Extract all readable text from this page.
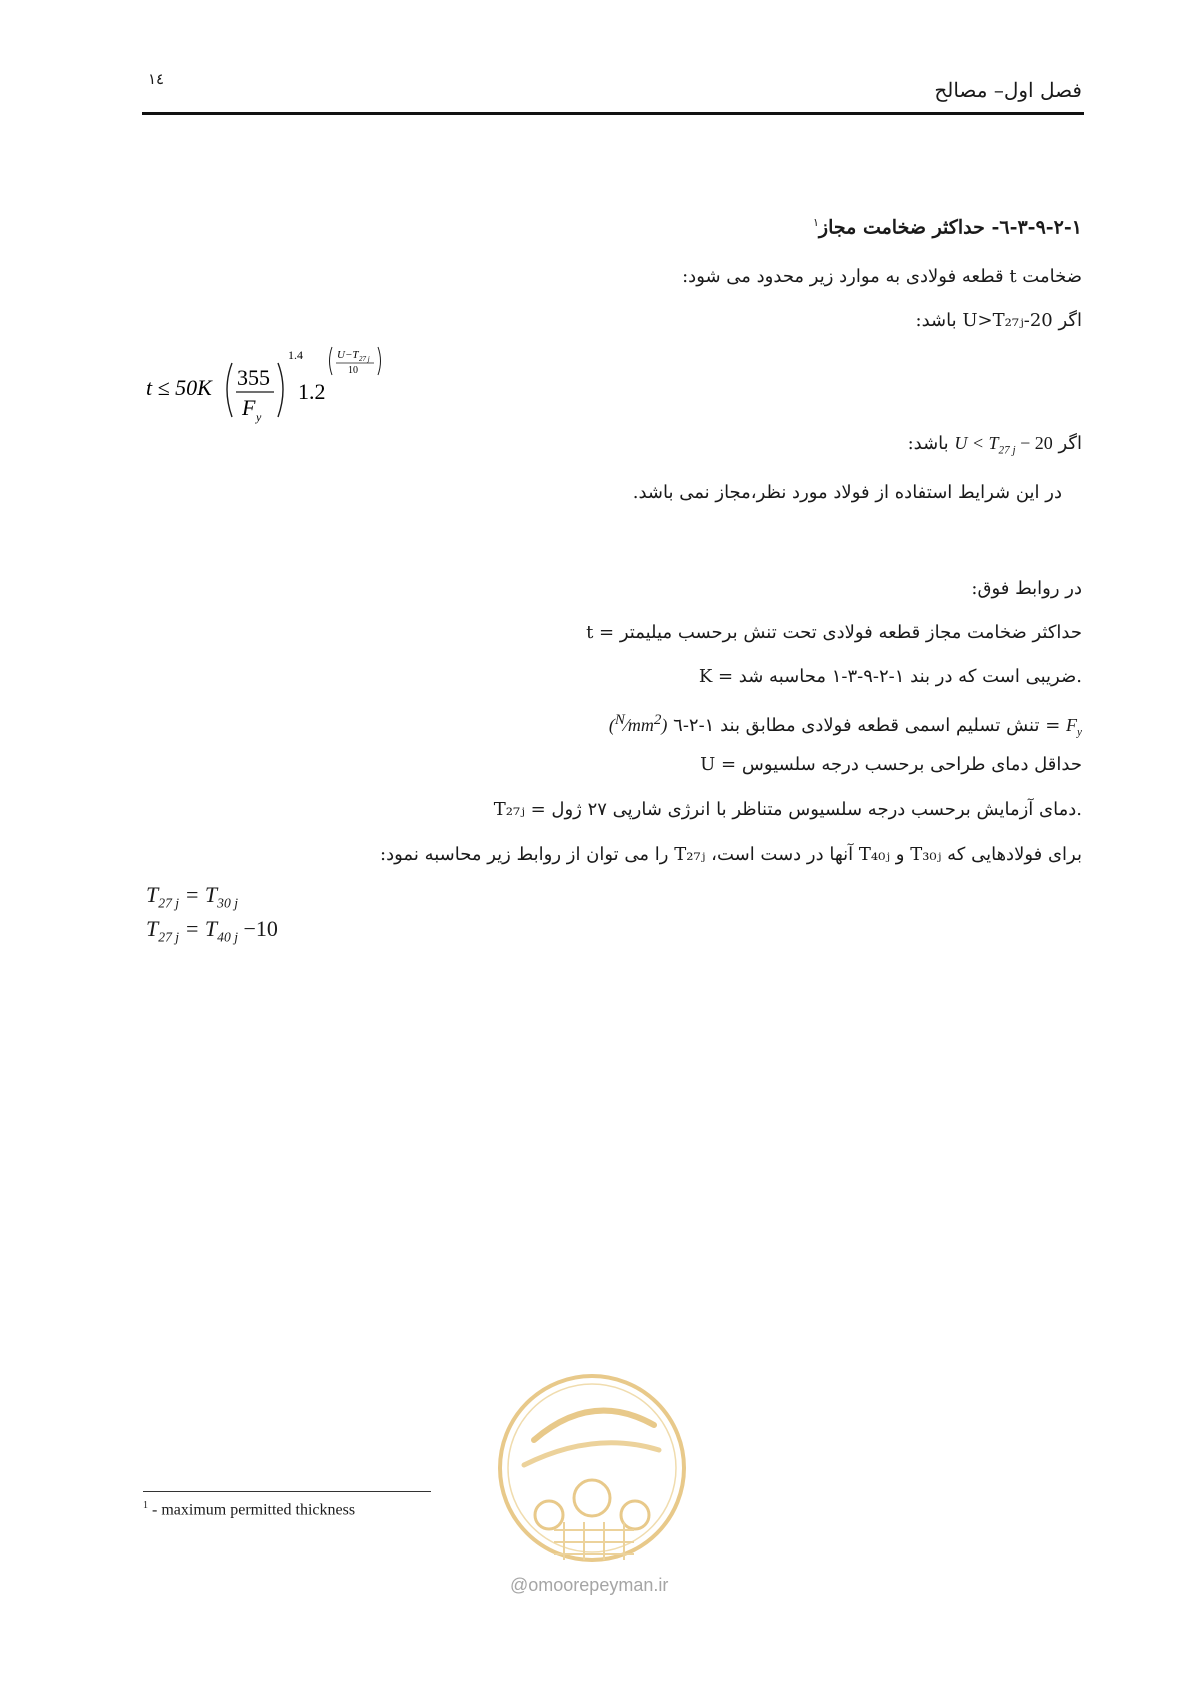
١٤	فصل اول– مصالح
١-٢-٩-٣-٦- حداکثر ضخامت مجاز$^١$
ضخامت t قطعه فولادی به موارد زیر محدود می شود:
اگر U>T₂₇ⱼ-20 باشد:
t ≤ 50K 355
F y
1.4
1.2
U−T 27 j
10
اگر $U < T_{27 j} - 20$ باشد:
در این شرایط استفاده از فولاد مورد نظر،مجاز نمی باشد.
در روابط فوق:
t = حداکثر ضخامت مجاز قطعه فولادی تحت تنش برحسب میلیمتر
K = ضریبی است که در بند ١-٢-٩-٣-١ محاسبه شد.
$F_y$ = تنش تسلیم اسمی قطعه فولادی مطابق بند ١-٢-٦ $(^N⁄mm^2)$
U = حداقل دمای طراحی برحسب درجه سلسیوس
T₂₇ⱼ = دمای آزمایش برحسب درجه سلسیوس متناظر با انرژی شارپی ٢٧ ژول.
برای فولادهایی که T₃₀ⱼ و T₄₀ⱼ آنها در دست است، T₂₇ⱼ را می توان از روابط زیر محاسبه نمود:
$T_{27 j} = T_{30 j}$
$T_{27 j} = T_{40 j} -10$
@omoorepeyman.ir
$^1$ - maximum permitted thickness
